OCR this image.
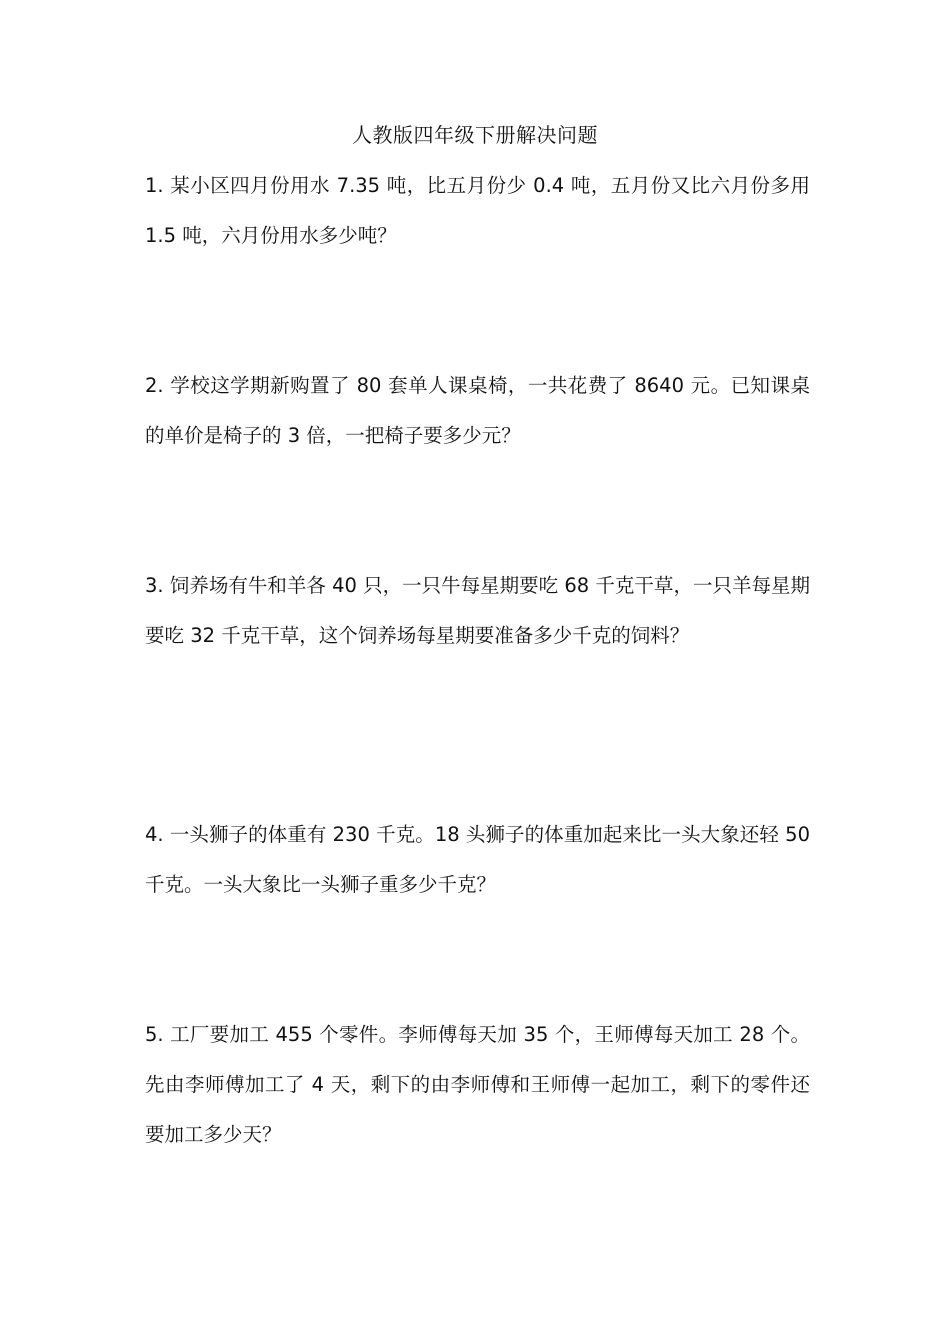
人教版四年级下册解决问题
1. 某小区四月份用水 7.35 吨，比五月份少 0.4 吨，五月份又比六月份多用 1.5 吨，六月份用水多少吨？
2. 学校这学期新购置了 80 套单人课桌椅，一共花费了 8640 元。已知课桌的单价是椅子的 3 倍，一把椅子要多少元？
3. 饲养场有牛和羊各 40 只，一只牛每星期要吃 68 千克干草，一只羊每星期要吃 32 千克干草，这个饲养场每星期要准备多少千克的饲料？
4. 一头狮子的体重有 230 千克。18 头狮子的体重加起来比一头大象还轻 50 千克。一头大象比一头狮子重多少千克？
5. 工厂要加工 455 个零件。李师傅每天加 35 个，王师傅每天加工 28 个。先由李师傅加工了 4 天，剩下的由李师傅和王师傅一起加工，剩下的零件还要加工多少天？
